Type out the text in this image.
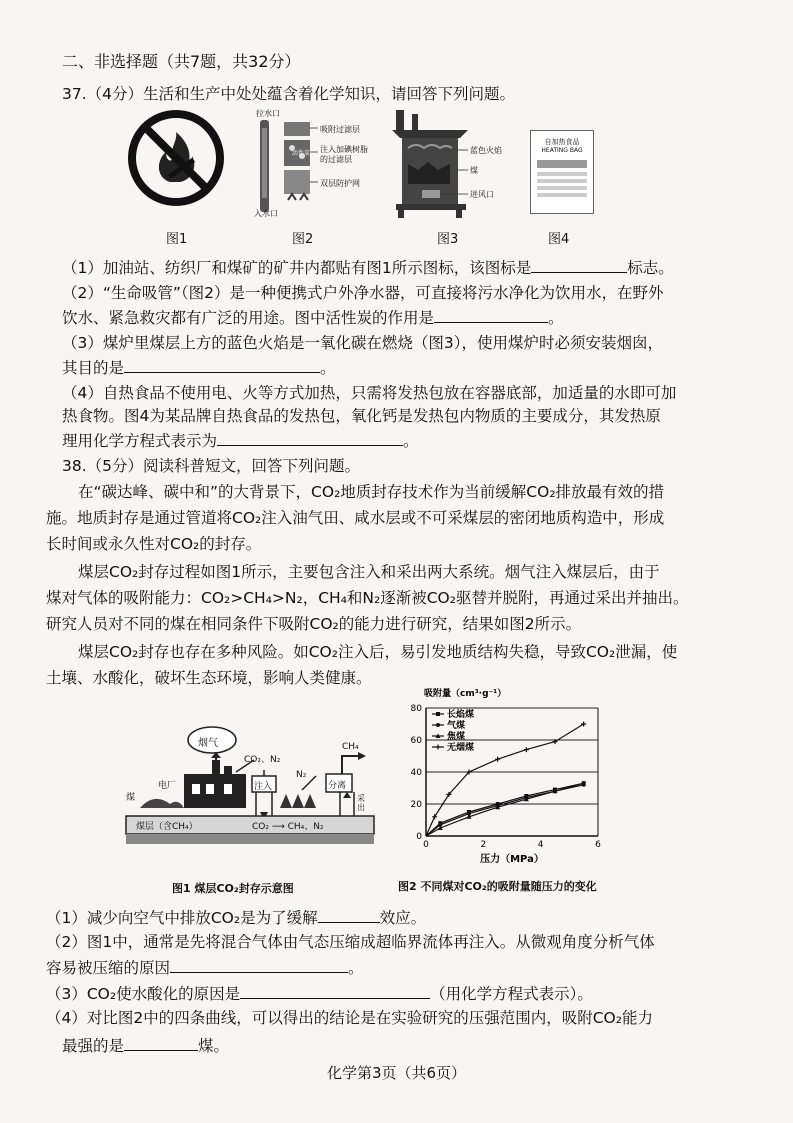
二、非选择题（共7题，共32分）
37.（4分）生活和生产中处处蕴含着化学知识，请回答下列问题。
拉水口
吸附过滤层
活性炭 注入加碘树脂
的过滤层
双层防护网
入水口
蓝色火焰
煤
进风口
自加热食品
HEATING BAG
图1	图2	图3	图4
（1）加油站、纺织厂和煤矿的矿井内都贴有图1所示图标，该图标是	标志。
（2）“生命吸管”（图2）是一种便携式户外净水器，可直接将污水净化为饮用水，在野外
饮水、紧急救灾都有广泛的用途。图中活性炭的作用是	。
（3）煤炉里煤层上方的蓝色火焰是一氧化碳在燃烧（图3），使用煤炉时必须安装烟囱，
其目的是	。
（4）自热食品不使用电、火等方式加热，只需将发热包放在容器底部，加适量的水即可加
热食物。图4为某品牌自热食品的发热包，氧化钙是发热包内物质的主要成分，其发热原
理用化学方程式表示为	。
38.（5分）阅读科普短文，回答下列问题。
在“碳达峰、碳中和”的大背景下，CO₂地质封存技术作为当前缓解CO₂排放最有效的措
施。地质封存是通过管道将CO₂注入油气田、咸水层或不可采煤层的密闭地质构造中，形成
长时间或永久性对CO₂的封存。
煤层CO₂封存过程如图1所示，主要包含注入和采出两大系统。烟气注入煤层后，由于
煤对气体的吸附能力：CO₂>CH₄>N₂，CH₄和N₂逐渐被CO₂驱替并脱附，再通过采出并抽出。
研究人员对不同的煤在相同条件下吸附CO₂的能力进行研究，结果如图2所示。
煤层CO₂封存也存在多种风险。如CO₂注入后，易引发地质结构失稳，导致CO₂泄漏，使
土壤、水酸化，破坏生态环境，影响人类健康。
烟气
CO₂、N₂
电厂
煤
注入
N₂
分离
CH₄
采出
煤层（含CH₄）	CO₂ ⟶ CH₄、N₂
0
20
40
60
80
0	2	4	6
吸附量（cm³·g⁻¹）
压力（MPa）
长焰煤
气煤
焦煤
无烟煤
图1 煤层CO₂封存示意图	图2 不同煤对CO₂的吸附量随压力的变化
（1）减少向空气中排放CO₂是为了缓解	效应。
（2）图1中，通常是先将混合气体由气态压缩成超临界流体再注入。从微观角度分析气体
容易被压缩的原因	。
（3）CO₂使水酸化的原因是	（用化学方程式表示）。
（4）对比图2中的四条曲线，可以得出的结论是在实验研究的压强范围内，吸附CO₂能力
最强的是	煤。
化学第3页（共6页）
